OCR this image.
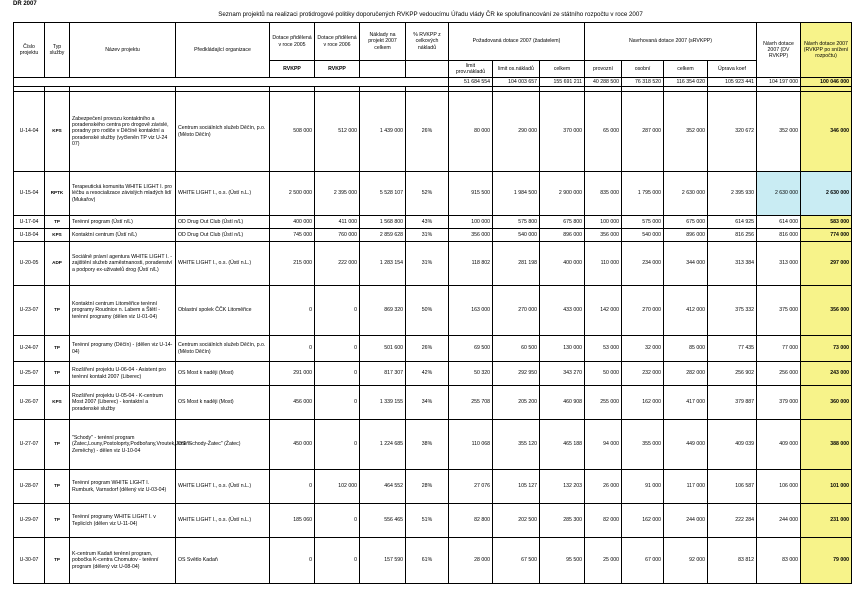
DŘ 2007
Seznam projektů na realizaci protidrogové politiky doporučených RVKPP vedoucímu Úřadu vlády ČR ke spolufinancování ze státního rozpočtu v roce 2007
Číslo projektu	Typ služby	Název projektu	Předkládající organizace	Dotace přidělená v roce 2005	Dotace přidělená v roce 2006	Náklady na projekt 2007 celkem	% RVKPP z celkových nákladů	Požadovaná dotace 2007 (žadatelem)			Navrhovaná dotace 2007 (sRVKPP)				Návrh dotace 2007 (DV RVKPP)	Návrh dotace 2007 (RVKPP po snížení rozpočtu)
				RVKPP	RVKPP			limit prov.nákladů	limit os.nákladů	celkem	provozní	osobní	celkem	Úprava koef		
								51 684 554	104 003 657	155 691 211	40 288 500	76 318 520	116 354 020	105 923 441	104 197 000	100 046 000

U-14-04	KPS	Zabezpečení provozu kontaktního a poradenského centra pro drogově závislé, poradny pro rodiče v Děčíně kontaktní a poradenské služby (vyčleněn TP viz U-24 07)	Centrum sociálních služeb Děčín, p.o. (Město Děčín)	508 000	512 000	1 439 000	26%	80 000	290 000	370 000	65 000	287 000	352 000	320 672	352 000	346 000
U-15-04	RPTK	Terapeutická komunita WHITE LIGHT I. pro léčbu a resocializace závislých mladých lidí (Mukařov)	WHITE LIGHT I., o.s. (Ústí n.L.)	2 500 000	2 395 000	5 528 107	52%	915 500	1 984 500	2 900 000	835 000	1 795 000	2 630 000	2 395 930	2 630 000	2 630 000
U-17-04	TP	Terénní program (Ústí n/L)	OD Drug Out Club (Ústí n/L)	400 000	411 000	1 568 800	43%	100 000	575 800	675 800	100 000	575 000	675 000	614 925	614 000	583 000
U-18-04	KPS	Kontaktní centrum (Ústí n/L)	OD Drug Out Club (Ústí n/L)	745 000	760 000	2 859 628	31%	356 000	540 000	896 000	356 000	540 000	896 000	816 256	816 000	774 000
U-20-05	ADP	Sociálně právní agentura WHITE LIGHT I. - zajištění služeb zaměstnanosti, poradenství a podpory ex-uživatelů drog (Ústí n/L)	WHITE LIGHT I., o.s. (Ústí n.L.)	215 000	222 000	1 283 154	31%	118 802	281 198	400 000	110 000	234 000	344 000	313 384	313 000	297 000
U-23-07	TP	Kontaktní centrum Litoměřice terénní programy Roudnice n. Labem a Štětí - terénní programy (dělen viz U-01-04)	Oblastní spolek ČČK Litoměřice	0	0	869 320	50%	163 000	270 000	433 000	142 000	270 000	412 000	375 332	375 000	356 000
U-24-07	TP	Terénní programy (Děčín) - (dělen viz U-14-04)	Centrum sociálních služeb Děčín, p.o. (Město Děčín)	0	0	501 600	26%	69 500	60 500	130 000	53 000	32 000	85 000	77 435	77 000	73 000
U-25-07	TP	Rozšíření projektu U-06-04 - Asistent pro terénní kontakt 2007 (Liberec)	OS Most k naději (Most)	291 000	0	817 307	42%	50 320	292 950	343 270	50 000	232 000	282 000	256 902	256 000	243 000
U-26-07	KPS	Rozšíření projektu U-05-04 - K-centrum Most 2007 (Liberec) - kontaktní a poradenské služby	OS Most k naději (Most)	456 000	0	1 339 155	34%	255 708	205 200	460 908	255 000	162 000	417 000	379 887	379 000	360 000
U-27-07	TP	"Schody" - terénní program (Žatec,Louny,Postoloprty,Podbořany,Vroutek,Jimlín-Zeměchy) - dělen viz U-10-04	OS "Schody-Žatec" (Žatec)	450 000	0	1 224 685	38%	110 068	355 120	465 188	94 000	355 000	449 000	409 039	409 000	388 000
U-28-07	TP	Terénní program WHITE LIGHT I. Rumburk, Varnsdorf (dělený viz U-03-04)	WHITE LIGHT I., o.s. (Ústí n.L.)	0	102 000	464 552	28%	27 076	105 127	132 203	26 000	91 000	117 000	106 587	106 000	101 000
U-29-07	TP	Terénní programy WHITE LIGHT I. v Teplicích (dělen viz U-11-04)	WHITE LIGHT I., o.s. (Ústí n.L.)	185 060	0	556 465	51%	82 800	202 500	285 300	82 000	162 000	244 000	222 284	244 000	231 000
U-30-07	TP	K-centrum Kadaň terénní program, pobočka K-centra Chomutov - terénní program (dělený viz U-08-04)	OS Světlo Kadaň	0	0	157 590	61%	28 000	67 500	95 500	25 000	67 000	92 000	83 812	83 000	79 000
